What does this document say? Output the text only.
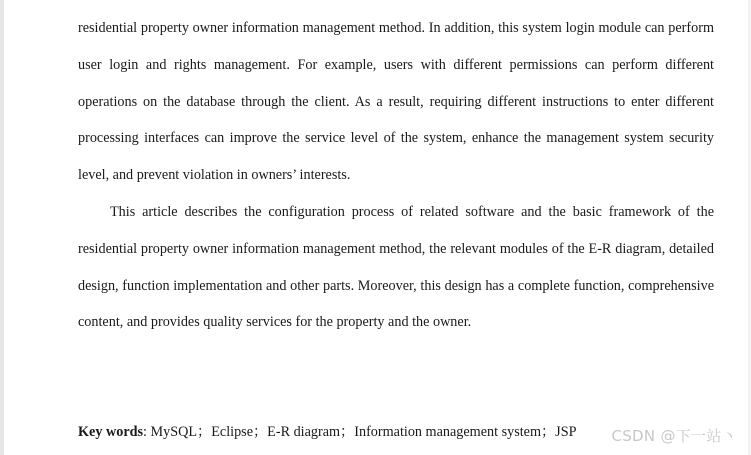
residential property owner information management method. In addition, this system login module can perform user login and rights management. For example, users with different permissions can perform different operations on the database through the client. As a result, requiring different instructions to enter different processing interfaces can improve the service level of the system, enhance the management system security level, and prevent violation in owners’ interests.

This article describes the configuration process of related software and the basic framework of the residential property owner information management method, the relevant modules of the E-R diagram, detailed design, function implementation and other parts. Moreover, this design has a complete function, comprehensive content, and provides quality services for the property and the owner.

Key words: MySQL；Eclipse；E-R diagram；Information management system；JSP CSDN @下一站丶
